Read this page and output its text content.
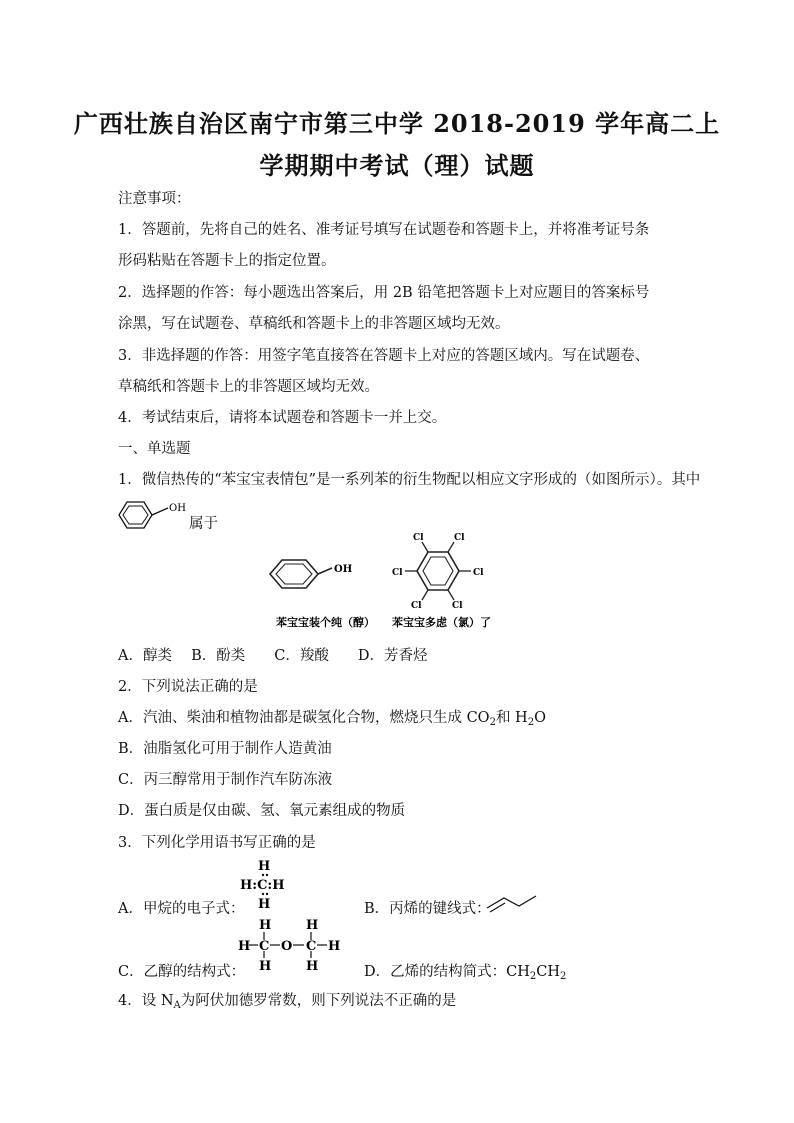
广西壮族自治区南宁市第三中学 2018-2019 学年高二上
学期期中考试（理）试题
注意事项：
1．答题前，先将自己的姓名、准考证号填写在试题卷和答题卡上，并将准考证号条
形码粘贴在答题卡上的指定位置。
2．选择题的作答：每小题选出答案后，用 2B 铅笔把答题卡上对应题目的答案标号
涂黑，写在试题卷、草稿纸和答题卡上的非答题区域均无效。
3．非选择题的作答：用签字笔直接答在答题卡上对应的答题区域内。写在试题卷、
草稿纸和答题卡上的非答题区域均无效。
4．考试结束后，请将本试题卷和答题卡一并上交。
一、单选题
1．微信热传的“苯宝宝表情包”是一系列苯的衍生物配以相应文字形成的（如图所示）。其中
OH
属于
OH
Cl	Cl
Cl	Cl
Cl	Cl
苯宝宝装个纯（醇） 苯宝宝多虑（氯）了
A．醇类　 B．酚类　　C．羧酸　　D．芳香烃
2．下列说法正确的是
A．汽油、柴油和植物油都是碳氢化合物，燃烧只生成 $CO_2$和 $H_2O$
B．油脂氢化可用于制作人造黄油
C．丙三醇常用于制作汽车防冻液
D．蛋白质是仅由碳、氢、氧元素组成的物质
3．下列化学用语书写正确的是
H
H:C:H
H
A．甲烷的电子式：	B．丙烯的键线式：
H	H
H C O C H
H	H
C．乙醇的结构式：	D．乙烯的结构简式：$CH_2CH_2$
4．设 $N_A$为阿伏加德罗常数，则下列说法不正确的是
